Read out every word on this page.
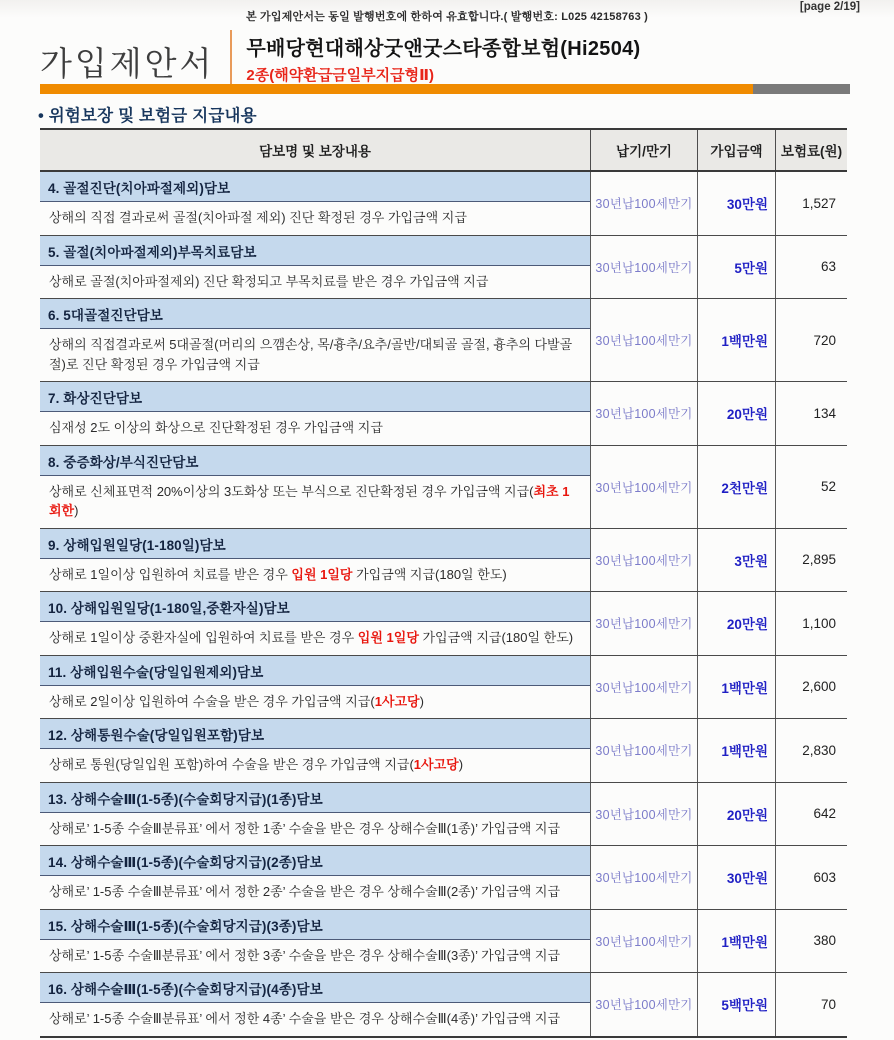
본 가입제안서는 동일 발행번호에 한하여 유효합니다.( 발행번호: L025 42158763 )
[page 2/19]
가입제안서	무배당현대해상굿앤굿스타종합보험(Hi2504)
2종(해약환급금일부지급형Ⅱ)
• 위험보장 및 보험금 지급내용
담보명 및 보장내용	납기/만기	가입금액	보험료(원)
4. 골절진단(치아파절제외)담보
상해의 직접 결과로써 골절(치아파절 제외) 진단 확정된 경우 가입금액 지급
30년납100세만기	30만원	1,527
5. 골절(치아파절제외)부목치료담보
상해로 골절(치아파절제외) 진단 확정되고 부목치료를 받은 경우 가입금액 지급
30년납100세만기	5만원	63
6. 5대골절진단담보
상해의 직접결과로써 5대골절(머리의 으깸손상, 목/흉추/요추/골반/대퇴골 골절, 흉추의 다발골절)로 진단 확정된 경우 가입금액 지급
30년납100세만기	1백만원	720
7. 화상진단담보
심재성 2도 이상의 화상으로 진단확정된 경우 가입금액 지급
30년납100세만기	20만원	134
8. 중증화상/부식진단담보
상해로 신체표면적 20%이상의 3도화상 또는 부식으로 진단확정된 경우 가입금액 지급(최초 1회한)
30년납100세만기	2천만원	52
9. 상해입원일당(1-180일)담보
상해로 1일이상 입원하여 치료를 받은 경우 입원 1일당 가입금액 지급(180일 한도)
30년납100세만기	3만원	2,895
10. 상해입원일당(1-180일,중환자실)담보
상해로 1일이상 중환자실에 입원하여 치료를 받은 경우 입원 1일당 가입금액 지급(180일 한도)
30년납100세만기	20만원	1,100
11. 상해입원수술(당일입원제외)담보
상해로 2일이상 입원하여 수술을 받은 경우 가입금액 지급(1사고당)
30년납100세만기	1백만원	2,600
12. 상해통원수술(당일입원포함)담보
상해로 통원(당일입원 포함)하여 수술을 받은 경우 가입금액 지급(1사고당)
30년납100세만기	1백만원	2,830
13. 상해수술Ⅲ(1-5종)(수술회당지급)(1종)담보
상해로’ 1-5종 수술Ⅲ분류표’ 에서 정한 1종’ 수술을 받은 경우 상해수술Ⅲ(1종)’ 가입금액 지급
30년납100세만기	20만원	642
14. 상해수술Ⅲ(1-5종)(수술회당지급)(2종)담보
상해로’ 1-5종 수술Ⅲ분류표’ 에서 정한 2종’ 수술을 받은 경우 상해수술Ⅲ(2종)’ 가입금액 지급
30년납100세만기	30만원	603
15. 상해수술Ⅲ(1-5종)(수술회당지급)(3종)담보
상해로’ 1-5종 수술Ⅲ분류표’ 에서 정한 3종’ 수술을 받은 경우 상해수술Ⅲ(3종)’ 가입금액 지급
30년납100세만기	1백만원	380
16. 상해수술Ⅲ(1-5종)(수술회당지급)(4종)담보
상해로’ 1-5종 수술Ⅲ분류표’ 에서 정한 4종’ 수술을 받은 경우 상해수술Ⅲ(4종)’ 가입금액 지급
30년납100세만기	5백만원	70
